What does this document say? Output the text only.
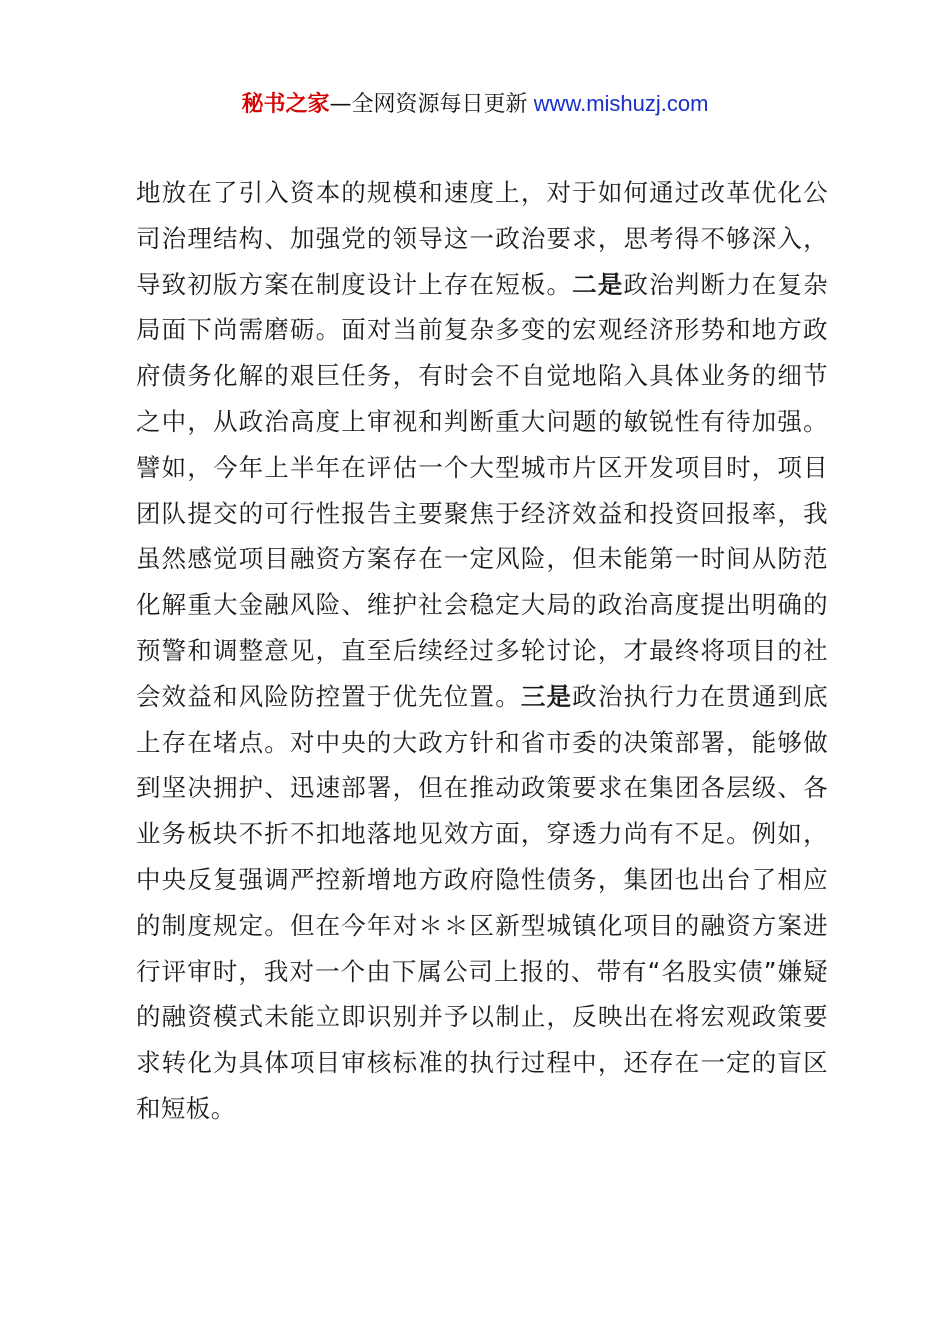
秘书之家—全网资源每日更新 www.mishuzj.com

地放在了引入资本的规模和速度上，对于如何通过改革优化公司治理结构、加强党的领导这一政治要求，思考得不够深入，导致初版方案在制度设计上存在短板。二是政治判断力在复杂局面下尚需磨砺。面对当前复杂多变的宏观经济形势和地方政府债务化解的艰巨任务，有时会不自觉地陷入具体业务的细节之中，从政治高度上审视和判断重大问题的敏锐性有待加强。譬如，今年上半年在评估一个大型城市片区开发项目时，项目团队提交的可行性报告主要聚焦于经济效益和投资回报率，我虽然感觉项目融资方案存在一定风险，但未能第一时间从防范化解重大金融风险、维护社会稳定大局的政治高度提出明确的预警和调整意见，直至后续经过多轮讨论，才最终将项目的社会效益和风险防控置于优先位置。三是政治执行力在贯通到底上存在堵点。对中央的大政方针和省市委的决策部署，能够做到坚决拥护、迅速部署，但在推动政策要求在集团各层级、各业务板块不折不扣地落地见效方面，穿透力尚有不足。例如，中央反复强调严控新增地方政府隐性债务，集团也出台了相应的制度规定。但在今年对＊＊区新型城镇化项目的融资方案进行评审时，我对一个由下属公司上报的、带有“名股实债”嫌疑的融资模式未能立即识别并予以制止，反映出在将宏观政策要求转化为具体项目审核标准的执行过程中，还存在一定的盲区和短板。
